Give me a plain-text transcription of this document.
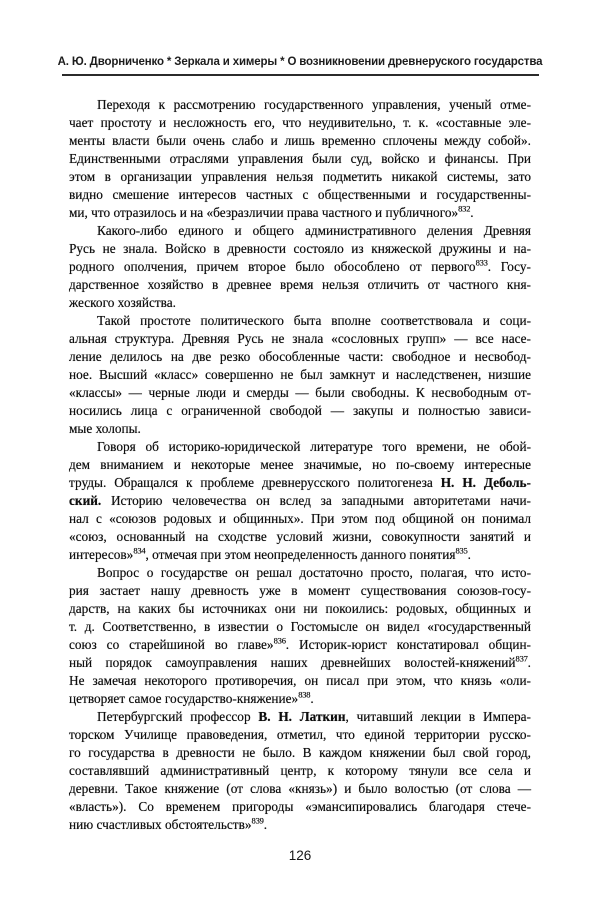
А. Ю. Дворниченко * Зеркала и химеры * О возникновении древнеруского государства
Переходя к рассмотрению государственного управления, ученый отме-
чает простоту и несложность его, что неудивительно, т. к. «составные эле-
менты власти были очень слабо и лишь временно сплочены между собой».
Единственными отраслями управления были суд, войско и финансы. При
этом в организации управления нельзя подметить никакой системы, зато
видно смешение интересов частных с общественными и государственны-
ми, что отразилось и на «безразличии права частного и публичного»$^{832}$.
Какого-либо единого и общего административного деления Древняя
Русь не знала. Войско в древности состояло из княжеской дружины и на-
родного ополчения, причем второе было обособлено от первого$^{833}$. Госу-
дарственное хозяйство в древнее время нельзя отличить от частного кня-
жеского хозяйства.
Такой простоте политического быта вполне соответствовала и соци-
альная структура. Древняя Русь не знала «сословных групп» — все насе-
ление делилось на две резко обособленные части: свободное и несвобод-
ное. Высший «класс» совершенно не был замкнут и наследственен, низшие
«классы» — черные люди и смерды — были свободны. К несвободным от-
носились лица с ограниченной свободой — закупы и полностью зависи-
мые холопы.
Говоря об историко-юридической литературе того времени, не обой-
дем вниманием и некоторые менее значимые, но по-своему интересные
труды. Обращался к проблеме древнерусского политогенеза Н. Н. Деболь-
ский. Историю человечества он вслед за западными авторитетами начи-
нал с «союзов родовых и общинных». При этом под общиной он понимал
«союз, основанный на сходстве условий жизни, совокупности занятий и
интересов»$^{834}$, отмечая при этом неопределенность данного понятия$^{835}$.
Вопрос о государстве он решал достаточно просто, полагая, что исто-
рия застает нашу древность уже в момент существования союзов-госу-
дарств, на каких бы источниках они ни покоились: родовых, общинных и
т. д. Соответственно, в известии о Гостомысле он видел «государственный
союз со старейшиной во главе»$^{836}$. Историк-юрист констатировал общин-
ный порядок самоуправления наших древнейших волостей-княжений$^{837}$.
Не замечая некоторого противоречия, он писал при этом, что князь «оли-
цетворяет самое государство-княжение»$^{838}$.
Петербургский профессор В. Н. Латкин, читавший лекции в Импера-
торском Училище правоведения, отметил, что единой территории русско-
го государства в древности не было. В каждом княжении был свой город,
составлявший административный центр, к которому тянули все села и
деревни. Такое княжение (от слова «князь») и было волостью (от слова —
«власть»). Со временем пригороды «эмансипировались благодаря стече-
нию счастливых обстоятельств»$^{839}$.
126
